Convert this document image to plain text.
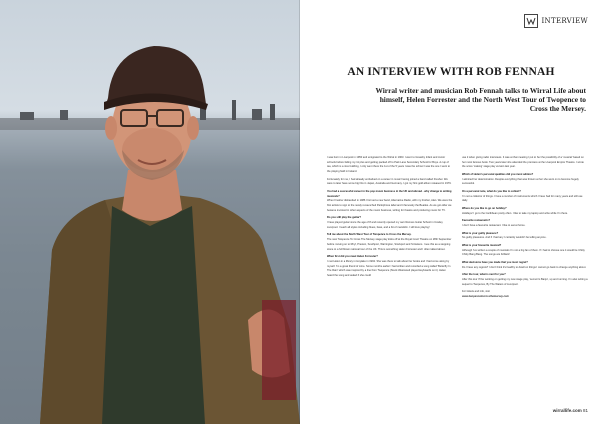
INTERVIEW
AN INTERVIEW WITH ROB FENNAH

Wirral writer and musician Rob Fennah talks to Wirral Life about himself, Helen Forrester and the North West Tour of Twopence to Cross the Mersey.

I was born in Liverpool in 1950 and emigrated to the Wirral in 1963. I went to Grassby Infant and Junior schools before failing my 11 plus and getting packed off to Park Lane Secondary School for Boys. A cup of tea, which is a nice building, I only went there the 1st of the 5 years I was the school I was the one I went to the playing field in Ireland.

Fortunately for me, I had already embarked on a career in music having joined a band called Fresher. We were to later have some big hits in Japan, Australia and Germany. I got my first gold album released in 1979.

You had a successful career in the pop music business in the UK and abroad - why change to writing musicals?
When Fresher disbanded in 1986 I formed a new band, Alternative Radio, with my brother, Alan. We were the first artists to sign to the newly re-launched Parlophone label and it famously the Beatles. As we got older we became involved in other aspects of the music business, writing for theatre and producing music for TV.

Do you still play the guitar?
I have played guitar since the age of 8 and recently opened my own Rennes Guitar School in Cowley Liverpool. I teach all styles including blues, bass, and a bit of mandolin. I still love playing!

Tell me about the North West Tour of Twopence to Cross the Mersey.
The new Twopence To Cross The Mersey stage play kicks off at the Royal Court Theatre on 28th September before moving on to Rhyl, Preston, Southport, Warrington, Stockport and St Helens. I see this as a stepping stone to a full blown national tour of the UK. This is something Helen Forrester and I often talked about.

When first did you meet Helen Forrester?
I met Helen in a library in Hoylake in 1992. She was there to talk about her books and I had come along by myself. I'm a great friend of mine. Some months earlier I had written and recorded a song called 'Butterfly In The Rain' which was inspired by a line from Twopence (Stuck Westwood played keyboards on it). Helen heard the song and asked if she could

use it when giving radio interviews. It was at that meeting I put to her the possibility of a 'musical' based on her most famous book. Two years later she attended the premiere at the Liverpool Empire Theatre. I wrote the score 'making' stage play version last year.

Which of Helen's personal qualities did you most admire?
I admired her determination. Despite everything that was thrown at her she went on to become hugely successful.

On a personal note, what do you like to collect?
I'm not a collector of things. I have a number of instruments which I have had for many years and still use daily.

Where do you like to go on holiday?
Holidays! I go to the Caribbean pretty often. I like to take my laptop and write while I'm there.

Favourite restaurants?
I don't have a favourite restaurant. I like to eat at home.

What is your guilty pleasure?
No guilty pleasures. And if I had any I certainly wouldn't be telling anyone.

What is your favourite musical?
Although I've written a couple of musicals I'm not a big fan of them. If I had to choose one it would be Chitty Chitty Bang Bang. The songs are brilliant!

What decisions have you made that you most regret?
Do I have any regrets? I don't think it's healthy to dwell on things I cannot go back to change anything about.

After the tour, what is next for you?
After this tour I'll be working on getting my new stage play, 'Lennon's Banjo', up and running. I'm also writing a sequel to Twopence, By The Waters of Liverpool.

For tickets and info, visit
www.twopencetocrossthemersey.com

wirrallife.com 81
